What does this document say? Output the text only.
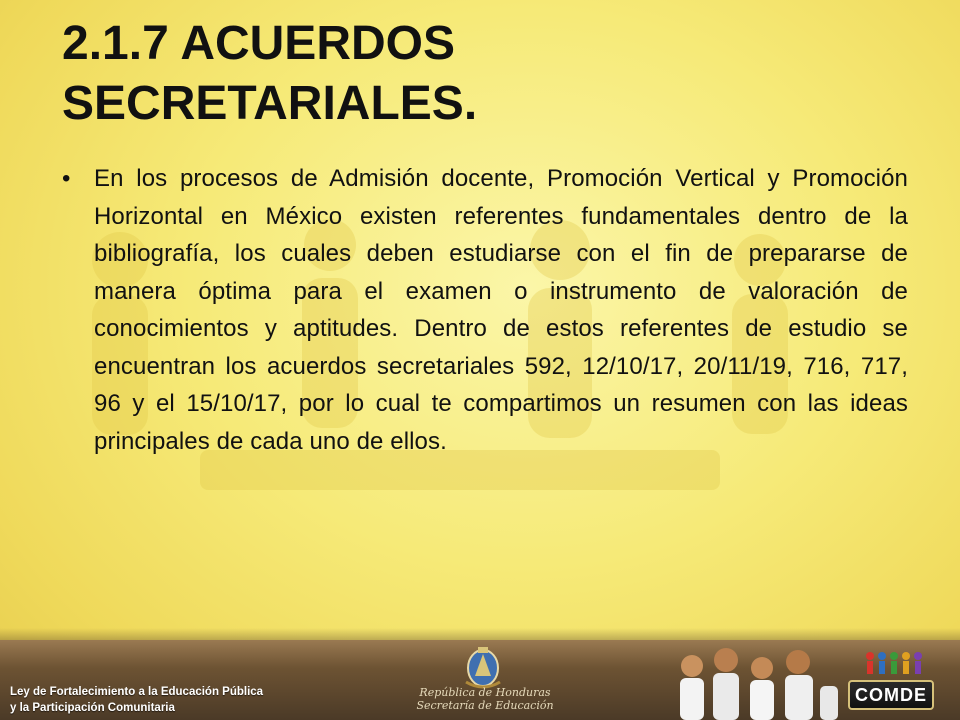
2.1.7 ACUERDOS SECRETARIALES.
• En los procesos de Admisión docente, Promoción Vertical y Promoción Horizontal en México existen referentes fundamentales dentro de la bibliografía, los cuales deben estudiarse con el fin de prepararse de manera óptima para el examen o instrumento de valoración de conocimientos y aptitudes. Dentro de estos referentes de estudio se encuentran los acuerdos secretariales 592, 12/10/17, 20/11/19, 716, 717, 96 y el 15/10/17, por lo cual te compartimos un resumen con las ideas principales de cada uno de ellos.
Ley de Fortalecimiento a la Educación Pública
y la Participación Comunitaria
República de Honduras
Secretaría de Educación
COMDE
